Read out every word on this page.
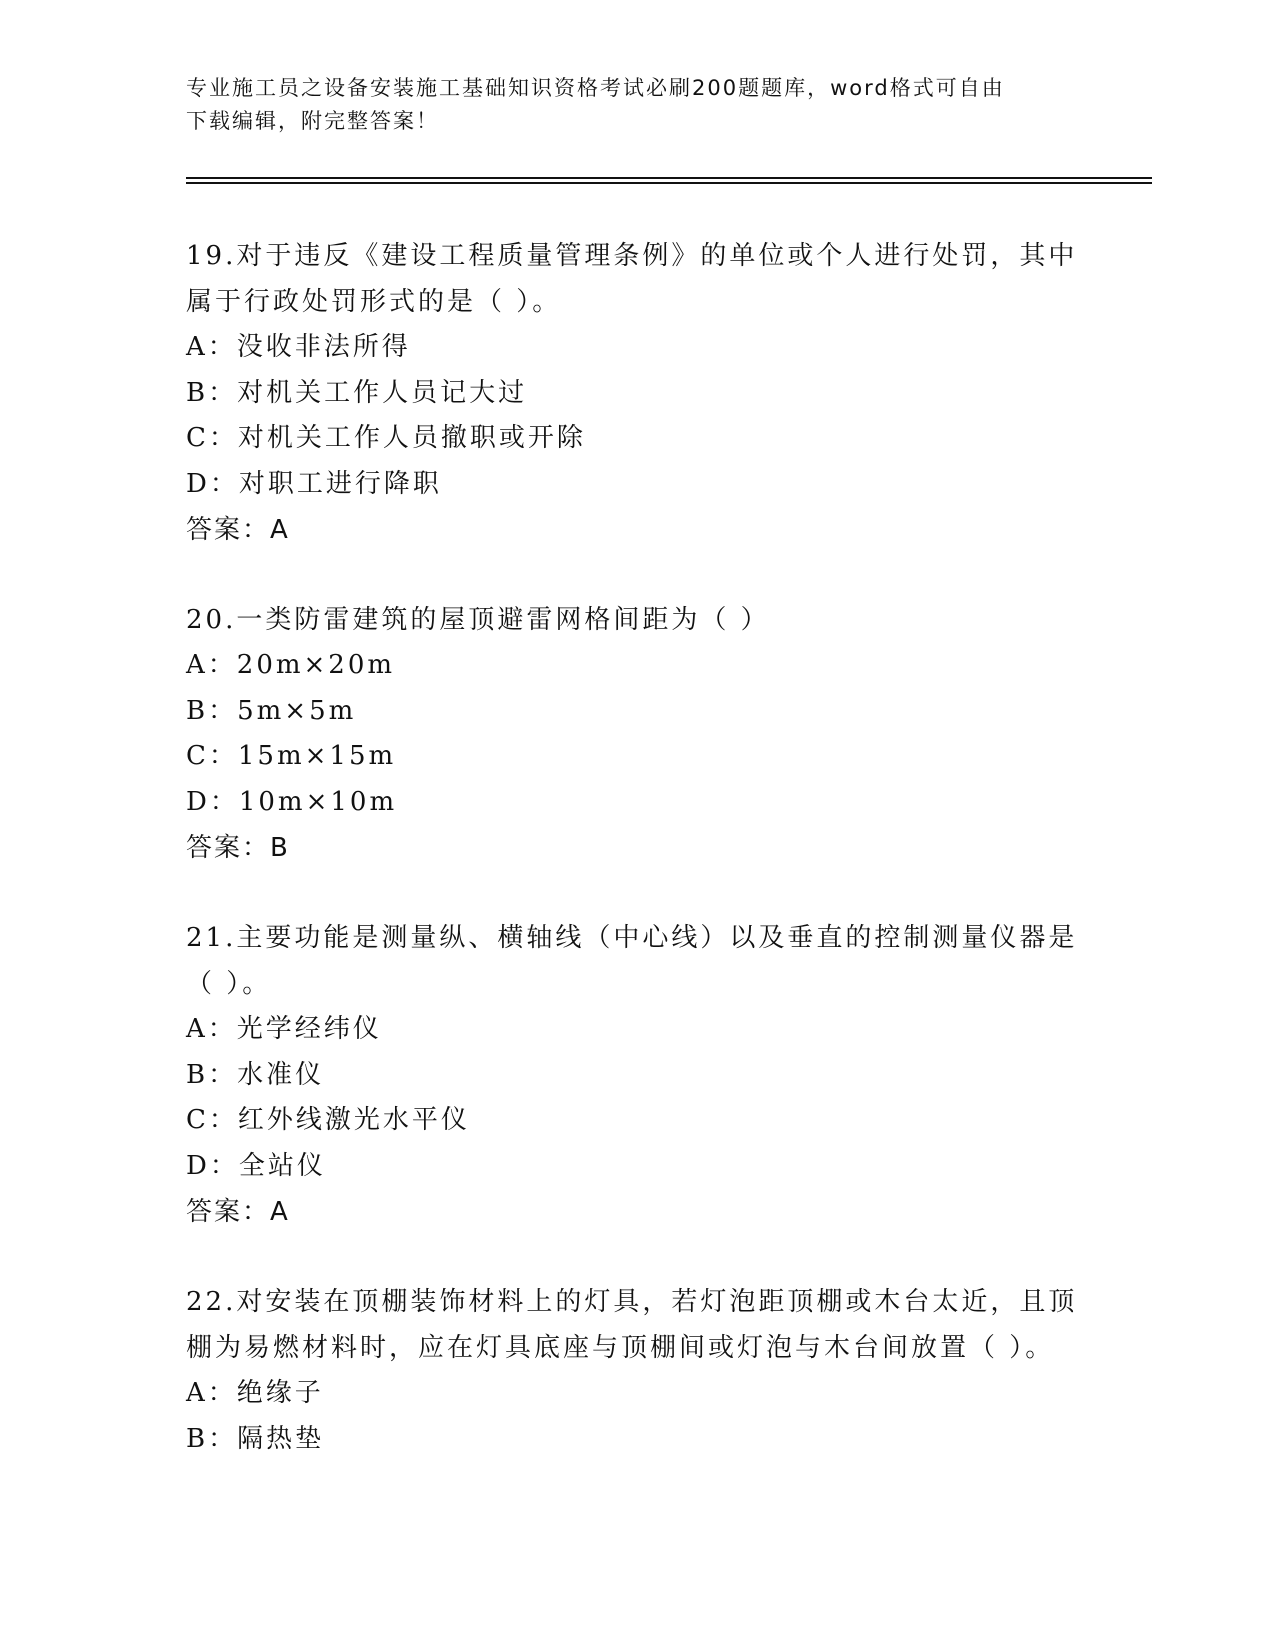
专业施工员之设备安装施工基础知识资格考试必刷200题题库，word格式可自由
下载编辑，附完整答案！

19.对于违反《建设工程质量管理条例》的单位或个人进行处罚，其中

属于行政处罚形式的是（ ）。

A：没收非法所得

B：对机关工作人员记大过

C：对机关工作人员撤职或开除

D：对职工进行降职

答案：A

20.一类防雷建筑的屋顶避雷网格间距为（ ）

A：20m×20m

B：5m×5m

C：15m×15m

D：10m×10m

答案：B

21.主要功能是测量纵、横轴线（中心线）以及垂直的控制测量仪器是

（ ）。

A：光学经纬仪

B：水准仪

C：红外线激光水平仪

D：全站仪

答案：A

22.对安装在顶棚装饰材料上的灯具，若灯泡距顶棚或木台太近，且顶

棚为易燃材料时，应在灯具底座与顶棚间或灯泡与木台间放置（ ）。

A：绝缘子

B：隔热垫
